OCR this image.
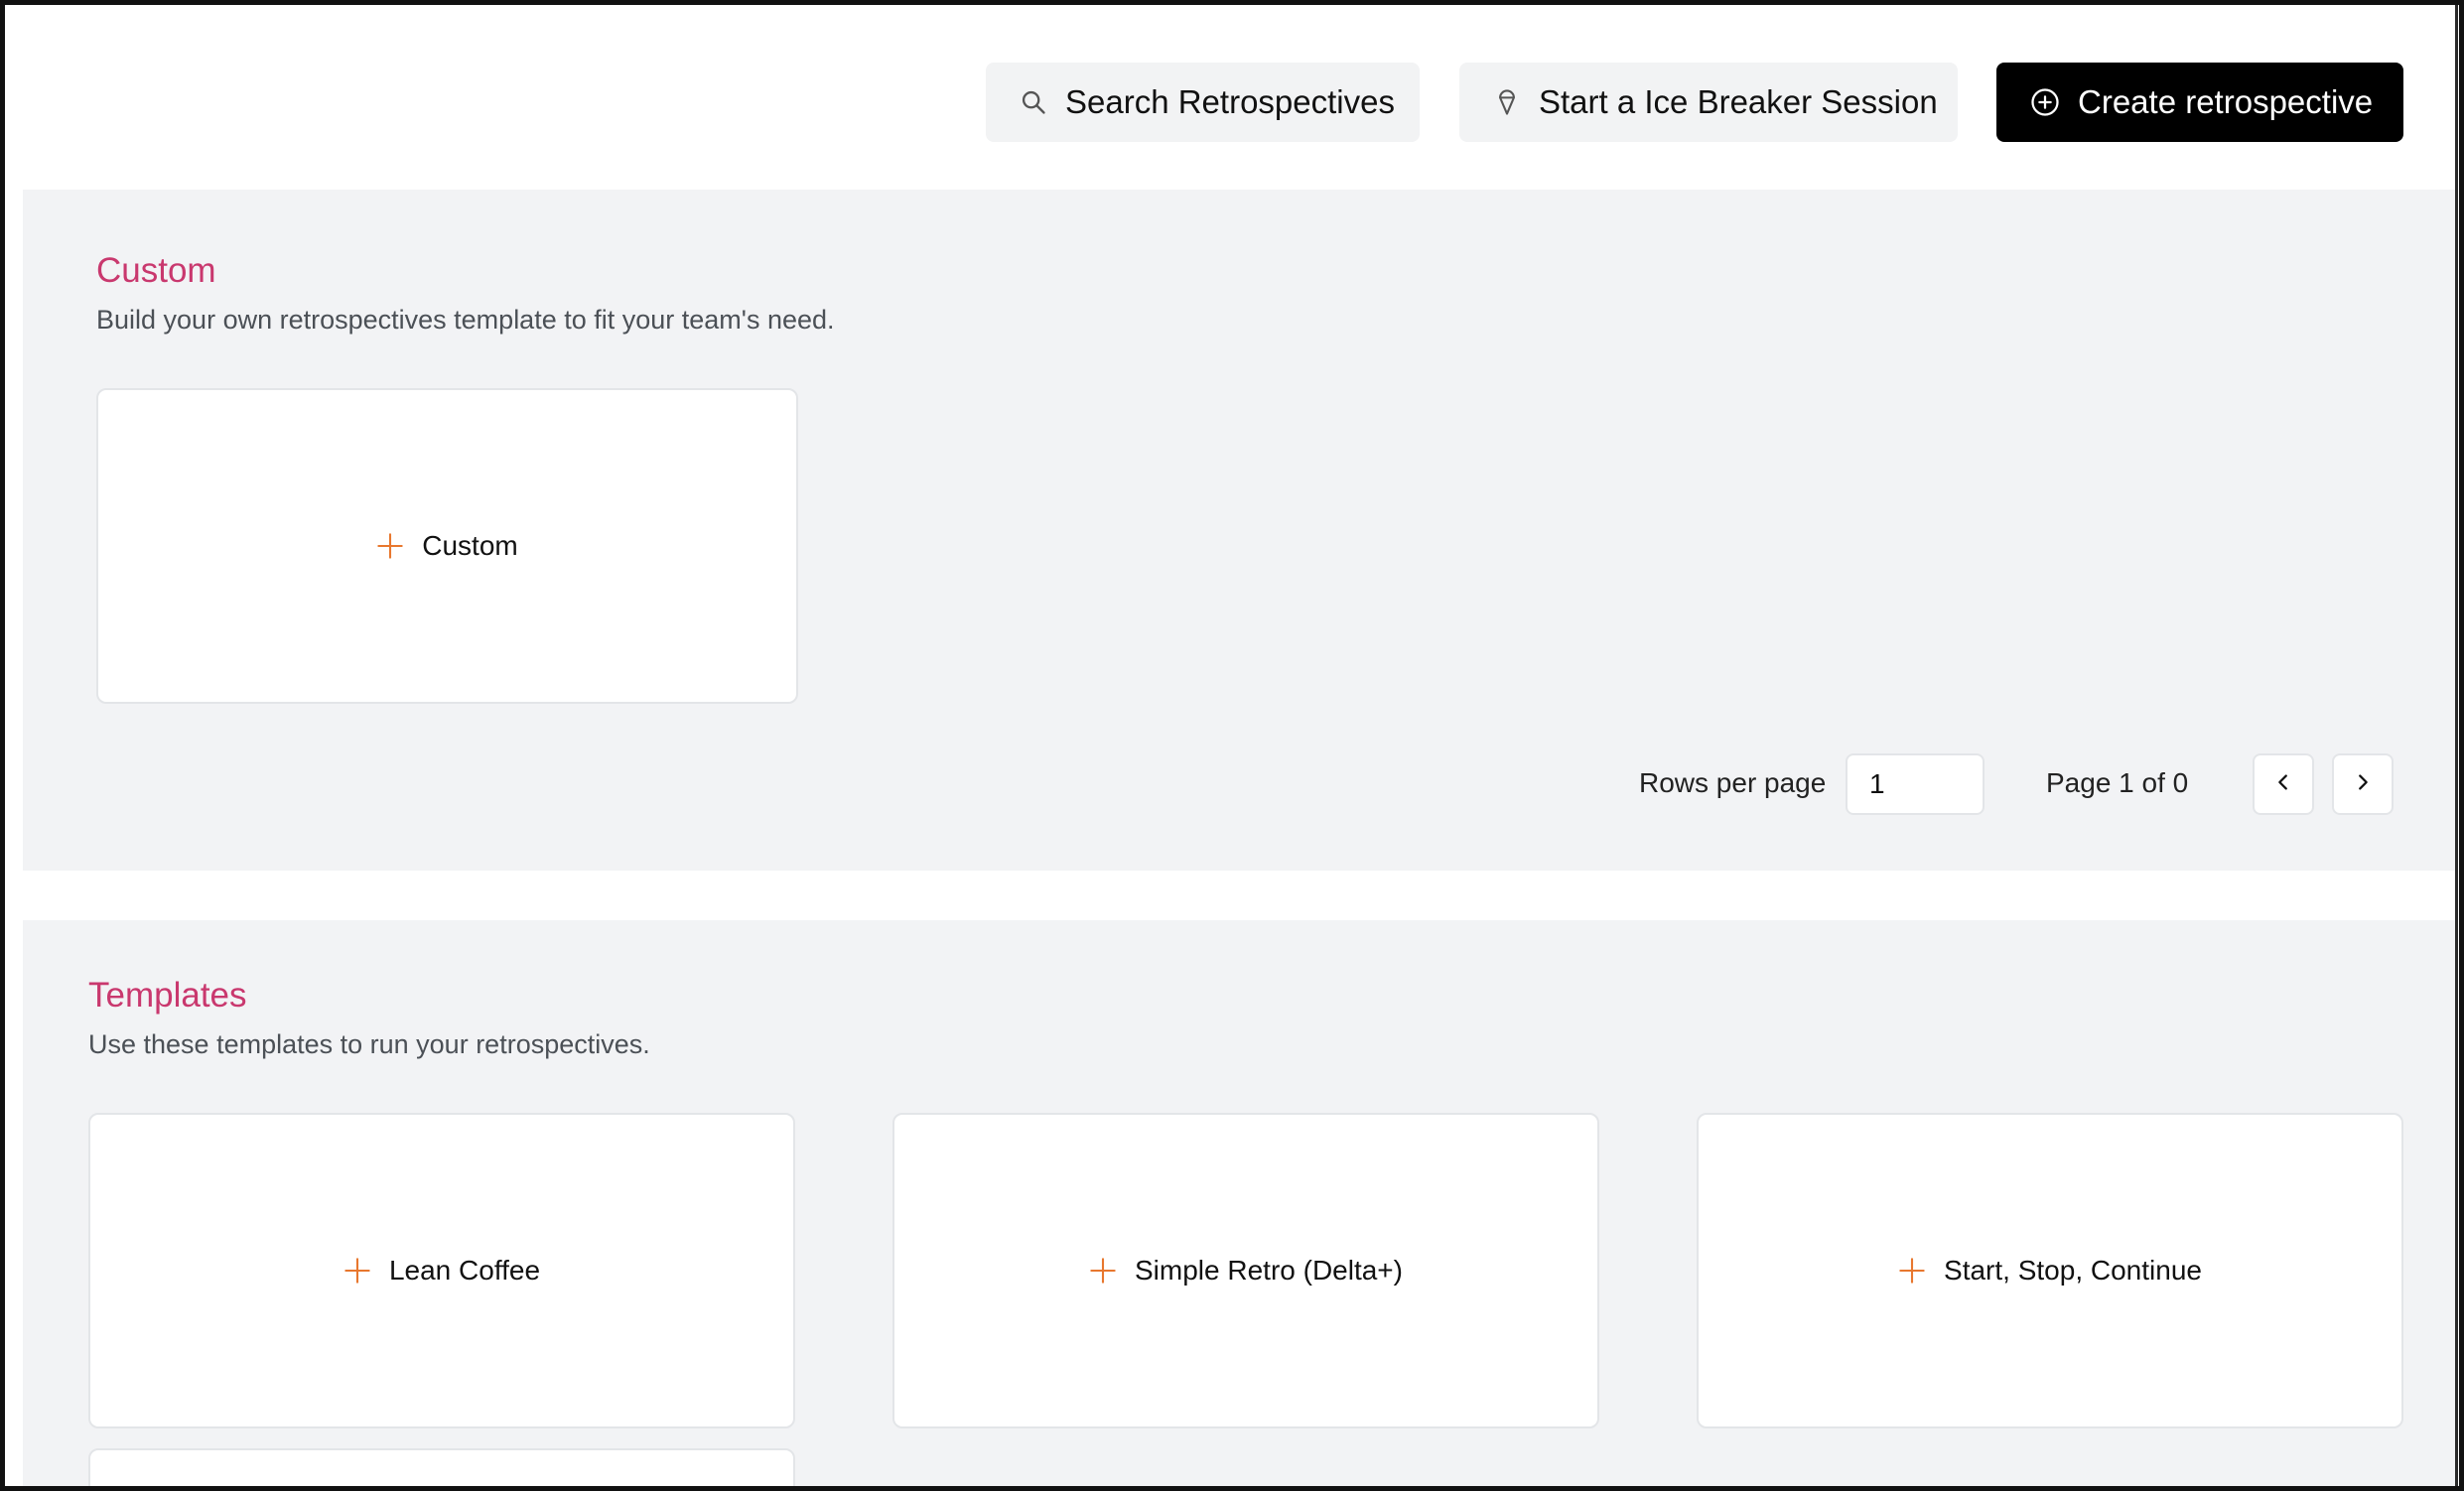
Search Retrospectives	Start a Ice Breaker Session	Create retrospective
Custom

Build your own retrospectives template to fit your team's need.

Custom
Rows per page
1	Page 1 of 0
Templates

Use these templates to run your retrospectives.

Lean Coffee	Simple Retro (Delta+)	Start, Stop, Continue
